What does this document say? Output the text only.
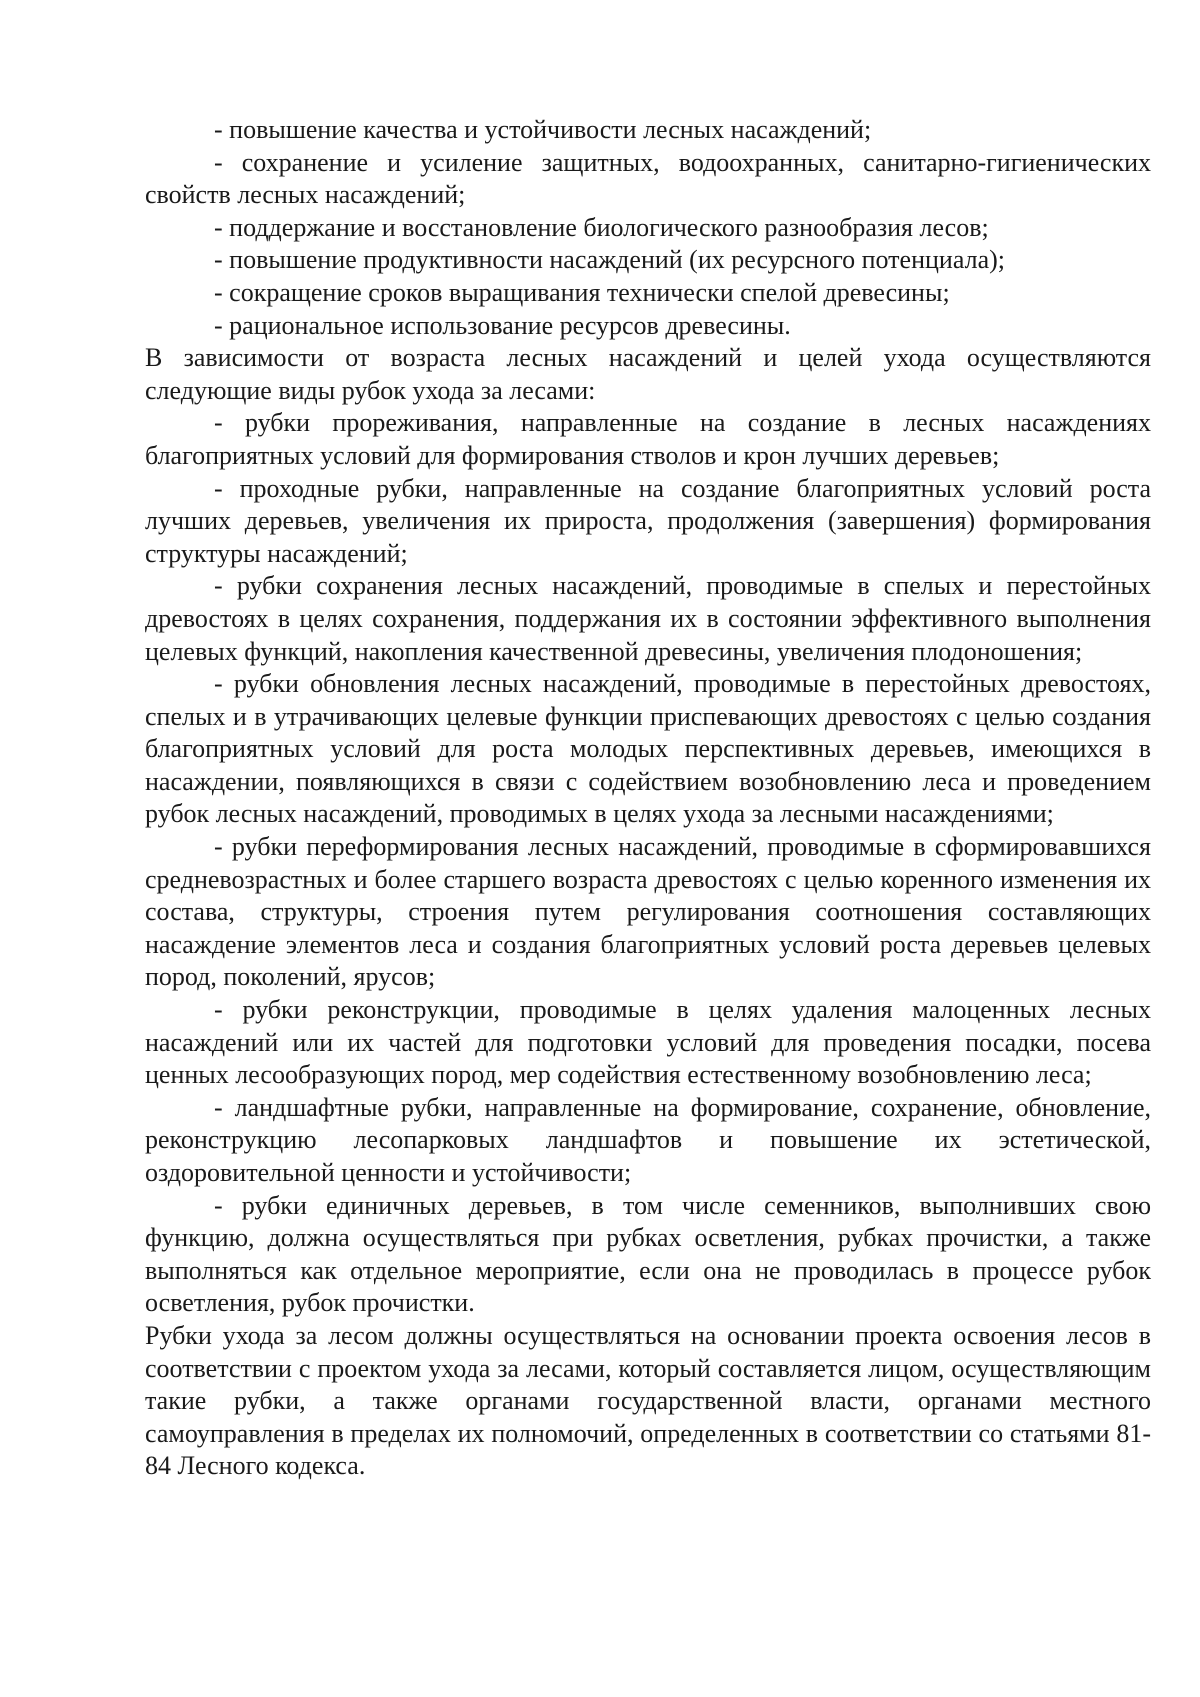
- повышение качества и устойчивости лесных насаждений;

- сохранение и усиление защитных, водоохранных, санитарно-гигиенических свойств лесных насаждений;

- поддержание и восстановление биологического разнообразия лесов;

- повышение продуктивности насаждений (их ресурсного потенциала);

- сокращение сроков выращивания технически спелой древесины;

- рациональное использование ресурсов древесины.

В зависимости от возраста лесных насаждений и целей ухода осуществляются следующие виды рубок ухода за лесами:

- рубки прореживания, направленные на создание в лесных насаждениях благоприятных условий для формирования стволов и крон лучших деревьев;

- проходные рубки, направленные на создание благоприятных условий роста лучших деревьев, увеличения их прироста, продолжения (завершения) формирования структуры насаждений;

- рубки сохранения лесных насаждений, проводимые в спелых и перестойных древостоях в целях сохранения, поддержания их в состоянии эффективного выполнения целевых функций, накопления качественной древесины, увеличения плодоношения;

- рубки обновления лесных насаждений, проводимые в перестойных древостоях, спелых и в утрачивающих целевые функции приспевающих древостоях с целью создания благоприятных условий для роста молодых перспективных деревьев, имеющихся в насаждении, появляющихся в связи с содействием возобновлению леса и проведением рубок лесных насаждений, проводимых в целях ухода за лесными насаждениями;

- рубки переформирования лесных насаждений, проводимые в сформировавшихся средневозрастных и более старшего возраста древостоях с целью коренного изменения их состава, структуры, строения путем регулирования соотношения составляющих насаждение элементов леса и создания благоприятных условий роста деревьев целевых пород, поколений, ярусов;

- рубки реконструкции, проводимые в целях удаления малоценных лесных насаждений или их частей для подготовки условий для проведения посадки, посева ценных лесообразующих пород, мер содействия естественному возобновлению леса;

- ландшафтные рубки, направленные на формирование, сохранение, обновление, реконструкцию лесопарковых ландшафтов и повышение их эстетической, оздоровительной ценности и устойчивости;

- рубки единичных деревьев, в том числе семенников, выполнивших свою функцию, должна осуществляться при рубках осветления, рубках прочистки, а также выполняться как отдельное мероприятие, если она не проводилась в процессе рубок осветления, рубок прочистки.

Рубки ухода за лесом должны осуществляться на основании проекта освоения лесов в соответствии с проектом ухода за лесами, который составляется лицом, осуществляющим такие рубки, а также органами государственной власти, органами местного самоуправления в пределах их полномочий, определенных в соответствии со статьями 81-84 Лесного кодекса.
